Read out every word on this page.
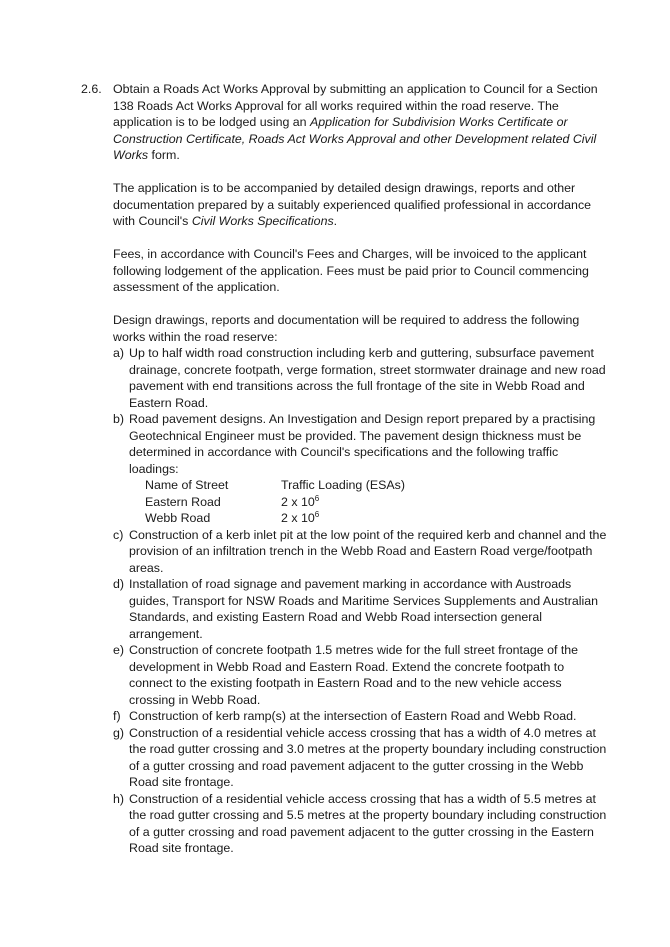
2.6. Obtain a Roads Act Works Approval by submitting an application to Council for a Section 138 Roads Act Works Approval for all works required within the road reserve. The application is to be lodged using an Application for Subdivision Works Certificate or Construction Certificate, Roads Act Works Approval and other Development related Civil Works form.

The application is to be accompanied by detailed design drawings, reports and other documentation prepared by a suitably experienced qualified professional in accordance with Council's Civil Works Specifications.

Fees, in accordance with Council's Fees and Charges, will be invoiced to the applicant following lodgement of the application. Fees must be paid prior to Council commencing assessment of the application.

Design drawings, reports and documentation will be required to address the following works within the road reserve:

a) Up to half width road construction including kerb and guttering, subsurface pavement drainage, concrete footpath, verge formation, street stormwater drainage and new road pavement with end transitions across the full frontage of the site in Webb Road and Eastern Road.
b) Road pavement designs. An Investigation and Design report prepared by a practising Geotechnical Engineer must be provided. The pavement design thickness must be determined in accordance with Council's specifications and the following traffic loadings:
Name of Street	Traffic Loading (ESAs)
Eastern Road	2 x $10^6$
Webb Road	2 x $10^6$
c) Construction of a kerb inlet pit at the low point of the required kerb and channel and the provision of an infiltration trench in the Webb Road and Eastern Road verge/footpath areas.
d) Installation of road signage and pavement marking in accordance with Austroads guides, Transport for NSW Roads and Maritime Services Supplements and Australian Standards, and existing Eastern Road and Webb Road intersection general arrangement.
e) Construction of concrete footpath 1.5 metres wide for the full street frontage of the development in Webb Road and Eastern Road. Extend the concrete footpath to connect to the existing footpath in Eastern Road and to the new vehicle access crossing in Webb Road.
f) Construction of kerb ramp(s) at the intersection of Eastern Road and Webb Road.
g) Construction of a residential vehicle access crossing that has a width of 4.0 metres at the road gutter crossing and 3.0 metres at the property boundary including construction of a gutter crossing and road pavement adjacent to the gutter crossing in the Webb Road site frontage.
h) Construction of a residential vehicle access crossing that has a width of 5.5 metres at the road gutter crossing and 5.5 metres at the property boundary including construction of a gutter crossing and road pavement adjacent to the gutter crossing in the Eastern Road site frontage.
